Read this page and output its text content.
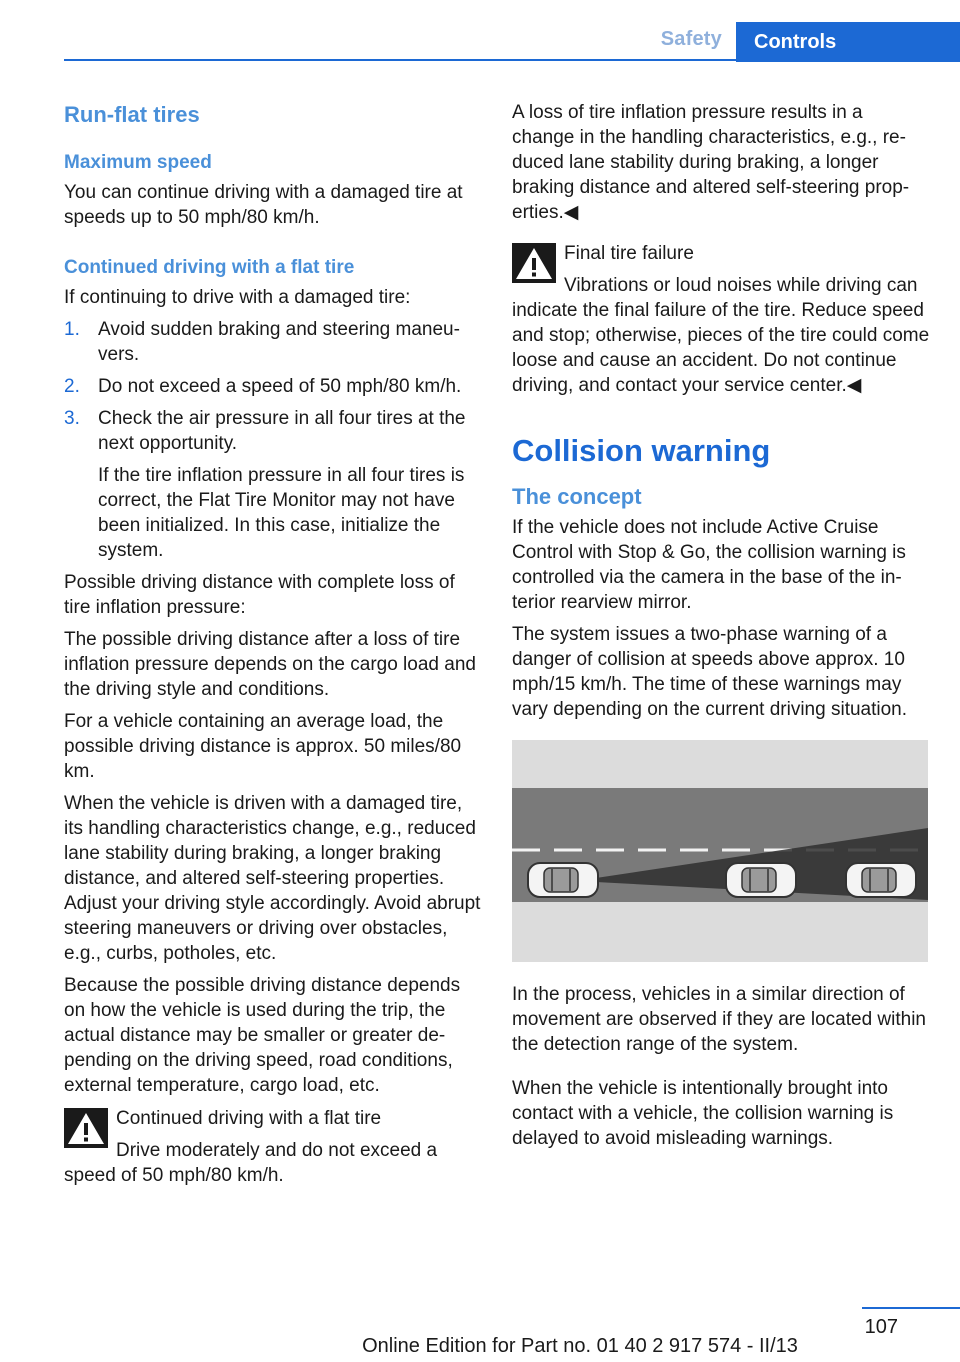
Safety	Controls
Run-flat tires
Maximum speed

You can continue driving with a damaged tire at speeds up to 50 mph/80 km/h.

Continued driving with a flat tire

If continuing to drive with a damaged tire:

1. Avoid sudden braking and steering maneuvers.
2. Do not exceed a speed of 50 mph/80 km/h.
3. Check the air pressure in all four tires at the next opportunity.
If the tire inflation pressure in all four tires is correct, the Flat Tire Monitor may not have been initialized. In this case, initialize the system.

Possible driving distance with complete loss of tire inflation pressure:

The possible driving distance after a loss of tire inflation pressure depends on the cargo load and the driving style and conditions.

For a vehicle containing an average load, the possible driving distance is approx. 50 miles/80 km.

When the vehicle is driven with a damaged tire, its handling characteristics change, e.g., reduced lane stability during braking, a longer braking distance, and altered self-steering properties. Adjust your driving style accordingly. Avoid abrupt steering maneuvers or driving over obstacles, e.g., curbs, potholes, etc.

Because the possible driving distance depends on how the vehicle is used during the trip, the actual distance may be smaller or greater depending on the driving speed, road conditions, external temperature, cargo load, etc.

Continued driving with a flat tire

Drive moderately and do not exceed a speed of 50 mph/80 km/h.

A loss of tire inflation pressure results in a change in the handling characteristics, e.g., reduced lane stability during braking, a longer braking distance and altered self-steering properties.◀

Final tire failure

Vibrations or loud noises while driving can indicate the final failure of the tire. Reduce speed and stop; otherwise, pieces of the tire could come loose and cause an accident. Do not continue driving, and contact your service center.◀

Collision warning
The concept

If the vehicle does not include Active Cruise Control with Stop & Go, the collision warning is controlled via the camera in the base of the interior rearview mirror.

The system issues a two-phase warning of a danger of collision at speeds above approx. 10 mph/15 km/h. The time of these warnings may vary depending on the current driving situation.

In the process, vehicles in a similar direction of movement are observed if they are located within the detection range of the system.

When the vehicle is intentionally brought into contact with a vehicle, the collision warning is delayed to avoid misleading warnings.

107
Online Edition for Part no. 01 40 2 917 574 - II/13
